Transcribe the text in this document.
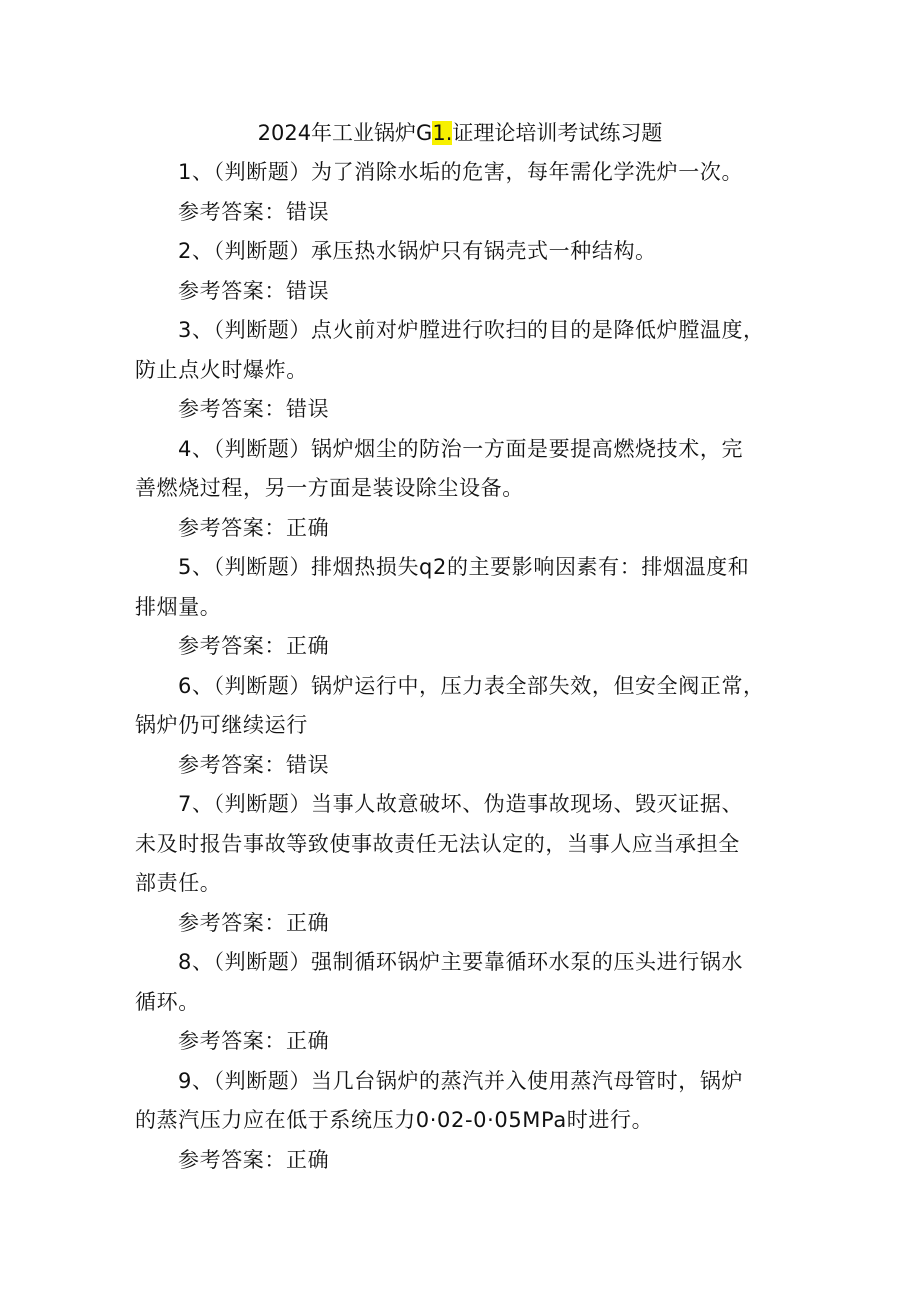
2024年工业锅炉G1.证理论培训考试练习题
1、（判断题）为了消除水垢的危害，每年需化学洗炉一次。
参考答案：错误
2、（判断题）承压热水锅炉只有锅壳式一种结构。
参考答案：错误
3、（判断题）点火前对炉膛进行吹扫的目的是降低炉膛温度，
防止点火时爆炸。
参考答案：错误
4、（判断题）锅炉烟尘的防治一方面是要提高燃烧技术，完
善燃烧过程，另一方面是装设除尘设备。
参考答案：正确
5、（判断题）排烟热损失q2的主要影响因素有：排烟温度和
排烟量。
参考答案：正确
6、（判断题）锅炉运行中，压力表全部失效，但安全阀正常，
锅炉仍可继续运行
参考答案：错误
7、（判断题）当事人故意破坏、伪造事故现场、毁灭证据、
未及时报告事故等致使事故责任无法认定的，当事人应当承担全
部责任。
参考答案：正确
8、（判断题）强制循环锅炉主要靠循环水泵的压头进行锅水
循环。
参考答案：正确
9、（判断题）当几台锅炉的蒸汽并入使用蒸汽母管时，锅炉
的蒸汽压力应在低于系统压力0·02-0·05MPa时进行。
参考答案：正确
